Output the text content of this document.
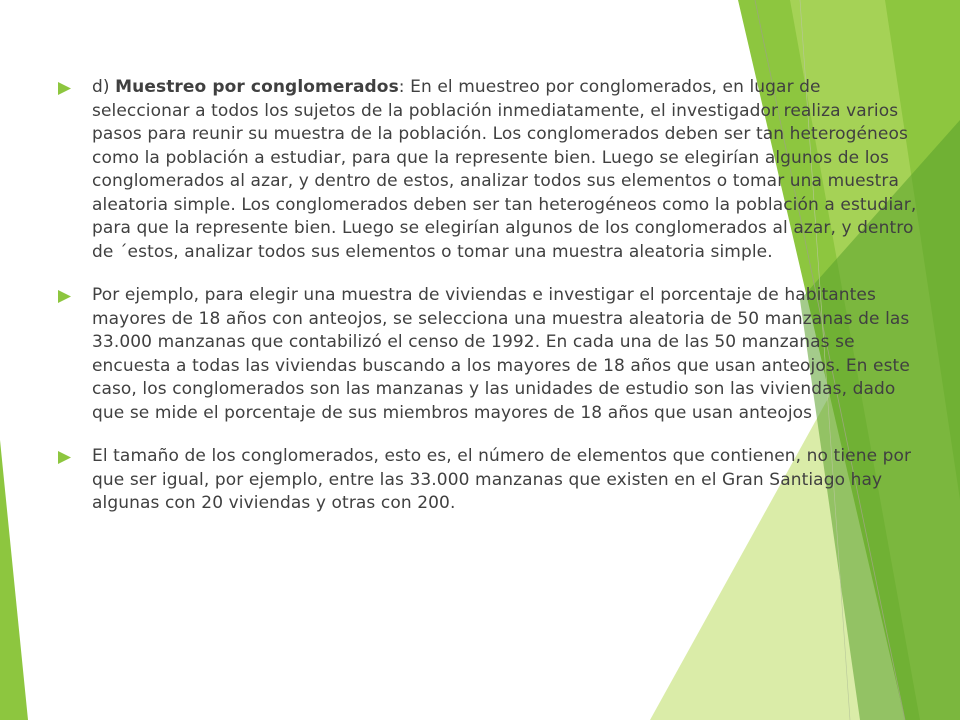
d) Muestreo por conglomerados: En el muestreo por conglomerados, en lugar de seleccionar a todos los sujetos de la población inmediatamente, el investigador realiza varios pasos para reunir su muestra de la población. Los conglomerados deben ser tan heterogéneos como la población a estudiar, para que la represente bien. Luego se elegirían algunos de los conglomerados al azar, y dentro de estos, analizar todos sus elementos o tomar una muestra aleatoria simple. Los conglomerados deben ser tan heterogéneos como la población a estudiar, para que la represente bien. Luego se elegirían algunos de los conglomerados al azar, y dentro de ´estos, analizar todos sus elementos o tomar una muestra aleatoria simple.

Por ejemplo, para elegir una muestra de viviendas e investigar el porcentaje de habitantes mayores de 18 años con anteojos, se selecciona una muestra aleatoria de 50 manzanas de las 33.000 manzanas que contabilizó el censo de 1992. En cada una de las 50 manzanas se encuesta a todas las viviendas buscando a los mayores de 18 años que usan anteojos. En este caso, los conglomerados son las manzanas y las unidades de estudio son las viviendas, dado que se mide el porcentaje de sus miembros mayores de 18 años que usan anteojos

El tamaño de los conglomerados, esto es, el número de elementos que contienen, no tiene por que ser igual, por ejemplo, entre las 33.000 manzanas que existen en el Gran Santiago hay algunas con 20 viviendas y otras con 200.
